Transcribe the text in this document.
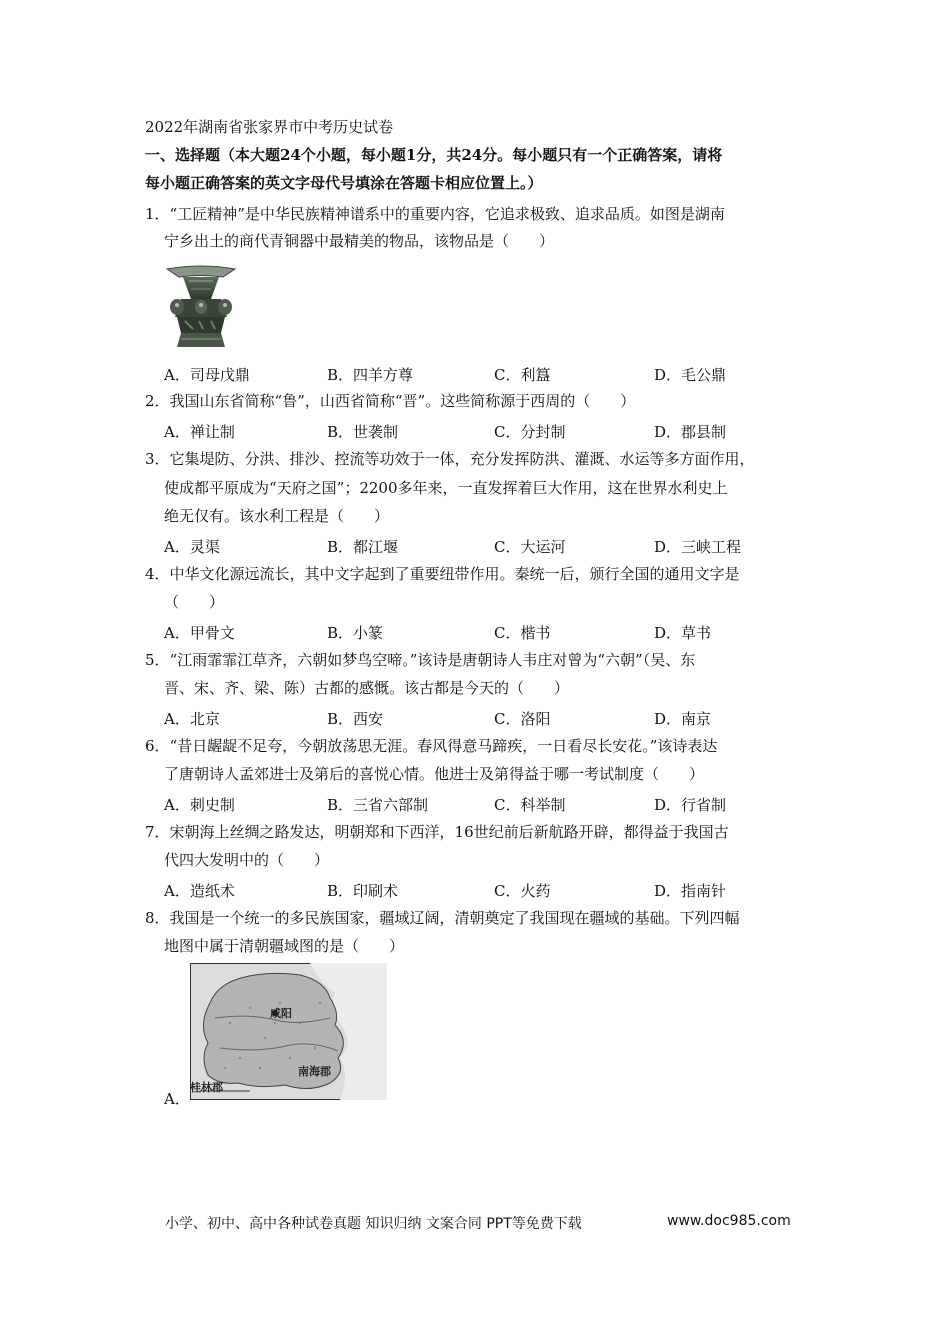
2022年湖南省张家界市中考历史试卷
一、选择题（本大题24个小题，每小题1分，共24分。每小题只有一个正确答案，请将
每小题正确答案的英文字母代号填涂在答题卡相应位置上。）
1．“工匠精神”是中华民族精神谱系中的重要内容，它追求极致、追求品质。如图是湖南
宁乡出土的商代青铜器中最精美的物品，该物品是（　　）
A．司母戊鼎	B．四羊方尊	C．利簋	D．毛公鼎
2．我国山东省简称“鲁”，山西省简称“晋”。这些简称源于西周的（　　）
A．禅让制	B．世袭制	C．分封制	D．郡县制
3．它集堤防、分洪、排沙、控流等功效于一体，充分发挥防洪、灌溉、水运等多方面作用，
使成都平原成为“天府之国”；2200多年来，一直发挥着巨大作用，这在世界水利史上
绝无仅有。该水利工程是（　　）
A．灵渠	B．都江堰	C．大运河	D．三峡工程
4．中华文化源远流长，其中文字起到了重要纽带作用。秦统一后，颁行全国的通用文字是
（　　）
A．甲骨文	B．小篆	C．楷书	D．草书
5．“江雨霏霏江草齐，六朝如梦鸟空啼。”该诗是唐朝诗人韦庄对曾为“六朝”（吴、东
晋、宋、齐、梁、陈）古都的感慨。该古都是今天的（　　）
A．北京	B．西安	C．洛阳	D．南京
6．“昔日龌龊不足夸，今朝放荡思无涯。春风得意马蹄疾，一日看尽长安花。”该诗表达
了唐朝诗人孟郊进士及第后的喜悦心情。他进士及第得益于哪一考试制度（　　）
A．刺史制	B．三省六部制	C．科举制	D．行省制
7．宋朝海上丝绸之路发达，明朝郑和下西洋，16世纪前后新航路开辟，都得益于我国古
代四大发明中的（　　）
A．造纸术	B．印刷术	C．火药	D．指南针
8．我国是一个统一的多民族国家，疆域辽阔，清朝奠定了我国现在疆域的基础。下列四幅
地图中属于清朝疆域图的是（　　）
咸阳
南海郡
桂林郡
A．
小学、初中、高中各种试卷真题 知识归纳 文案合同 PPT等免费下载	www.doc985.com
